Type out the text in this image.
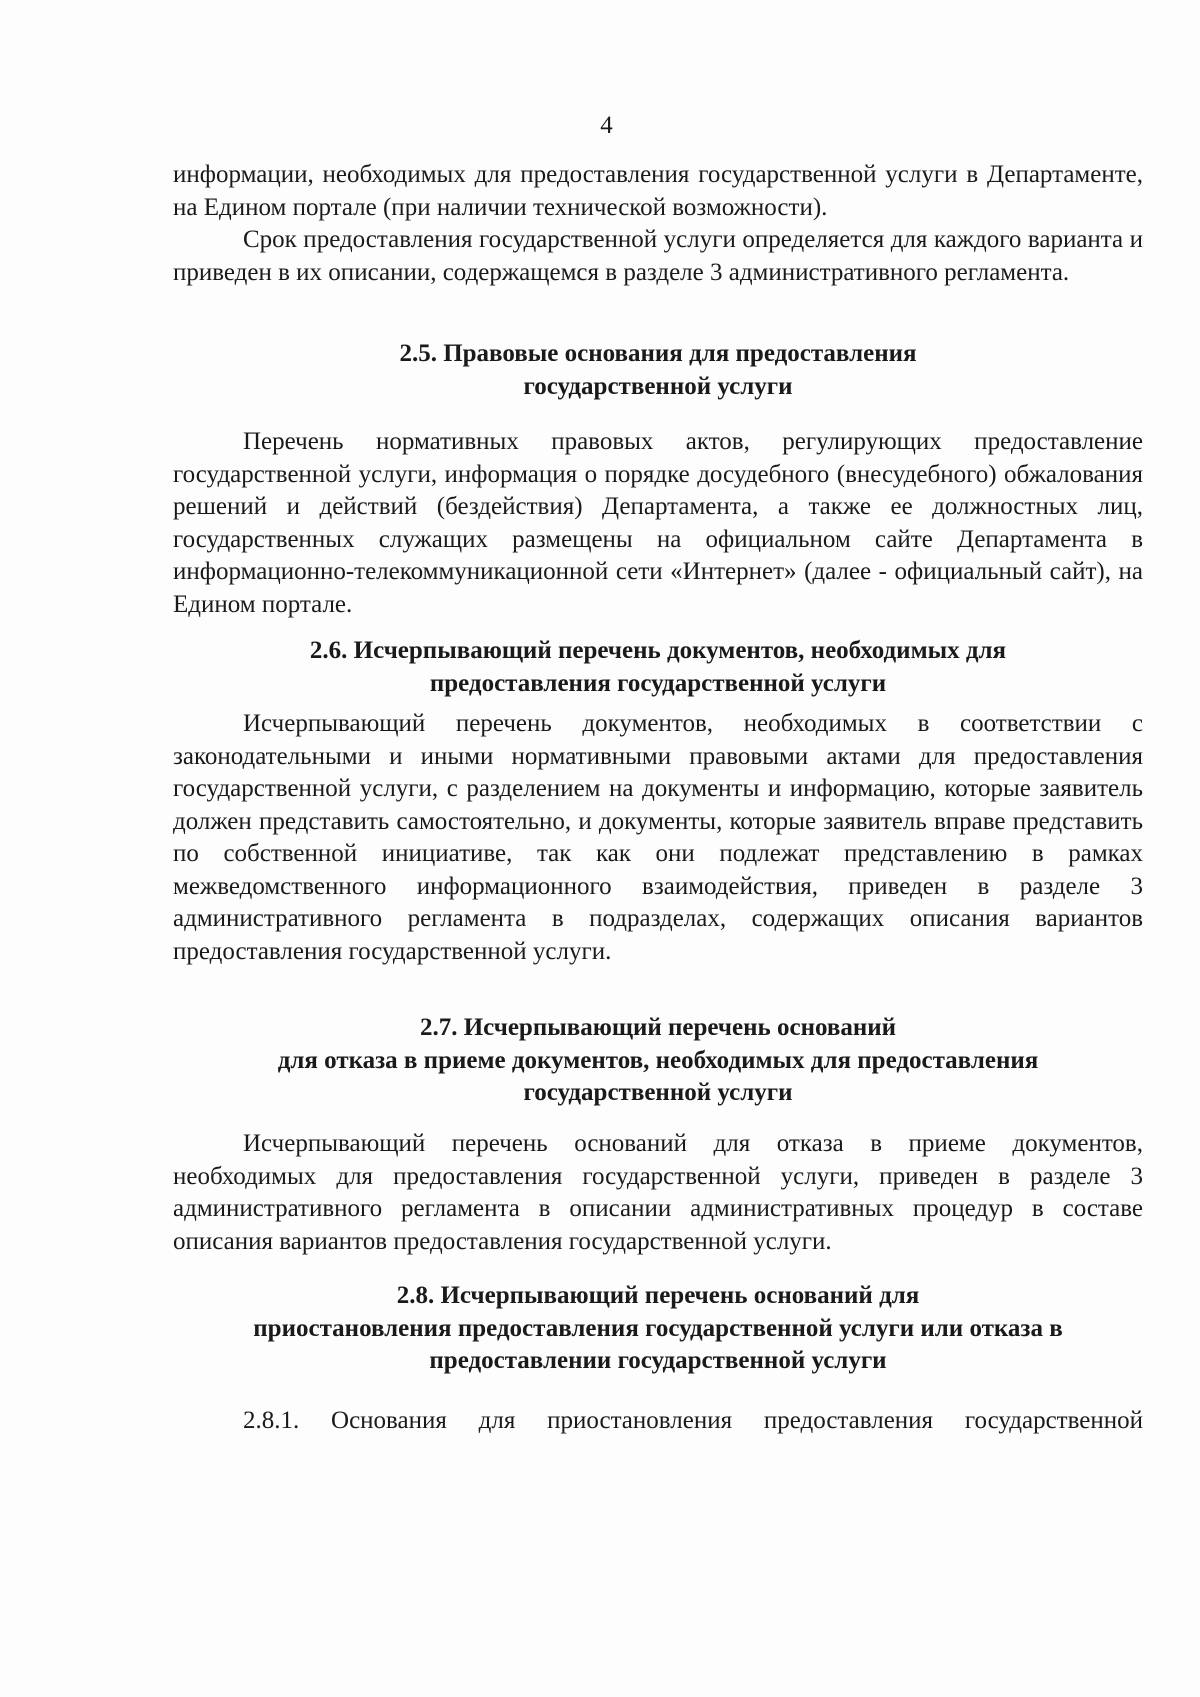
4

информации, необходимых для предоставления государственной услуги в Департаменте, на Едином портале (при наличии технической возможности).

Срок предоставления государственной услуги определяется для каждого варианта и приведен в их описании, содержащемся в разделе 3 административного регламента.

2.5. Правовые основания для предоставления
государственной услуги

Перечень нормативных правовых актов, регулирующих предоставление государственной услуги, информация о порядке досудебного (внесудебного) обжалования решений и действий (бездействия) Департамента, а также ее должностных лиц, государственных служащих размещены на официальном сайте Департамента в информационно-телекоммуникационной сети «Интернет» (далее - официальный сайт), на Едином портале.

2.6. Исчерпывающий перечень документов, необходимых для
предоставления государственной услуги

Исчерпывающий перечень документов, необходимых в соответствии с законодательными и иными нормативными правовыми актами для предоставления государственной услуги, с разделением на документы и информацию, которые заявитель должен представить самостоятельно, и документы, которые заявитель вправе представить по собственной инициативе, так как они подлежат представлению в рамках межведомственного информационного взаимодействия, приведен в разделе 3 административного регламента в подразделах, содержащих описания вариантов предоставления государственной услуги.

2.7. Исчерпывающий перечень оснований
для отказа в приеме документов, необходимых для предоставления
государственной услуги

Исчерпывающий перечень оснований для отказа в приеме документов, необходимых для предоставления государственной услуги, приведен в разделе 3 административного регламента в описании административных процедур в составе описания вариантов предоставления государственной услуги.

2.8. Исчерпывающий перечень оснований для
приостановления предоставления государственной услуги или отказа в
предоставлении государственной услуги

2.8.1. Основания для приостановления предоставления государственной
